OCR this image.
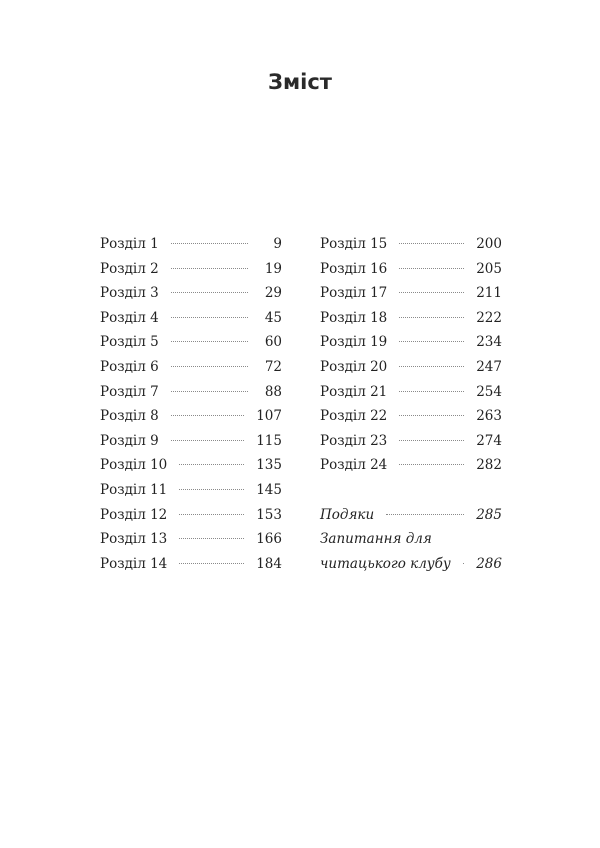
Зміст
Розділ 1	9
Розділ 2	19
Розділ 3	29
Розділ 4	45
Розділ 5	60
Розділ 6	72
Розділ 7	88
Розділ 8	107
Розділ 9	115
Розділ 10	135
Розділ 11	145
Розділ 12	153
Розділ 13	166
Розділ 14	184
Розділ 15	200
Розділ 16	205
Розділ 17	211
Розділ 18	222
Розділ 19	234
Розділ 20	247
Розділ 21	254
Розділ 22	263
Розділ 23	274
Розділ 24	282
Подяки	285
Запитання для
читацького клубу 286
